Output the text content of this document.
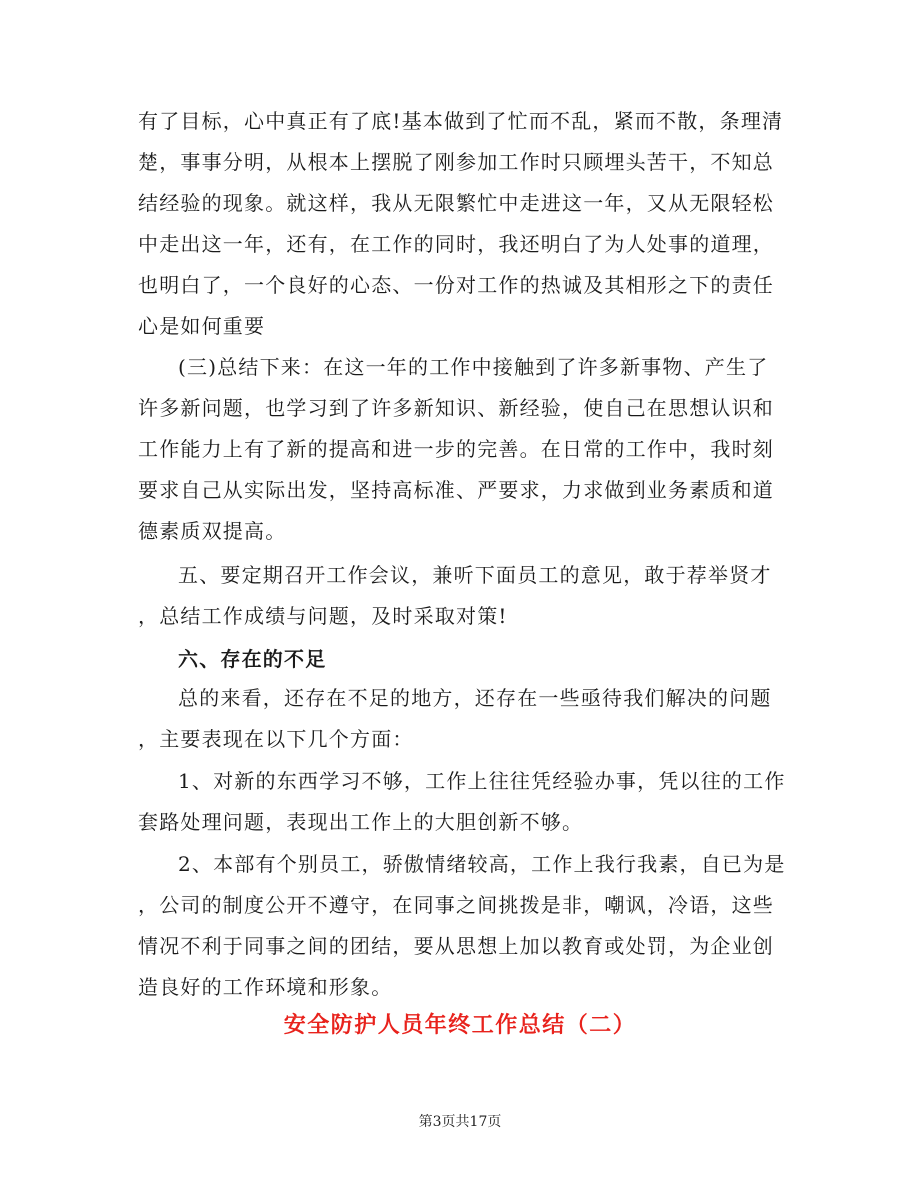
有了目标，心中真正有了底!基本做到了忙而不乱，紧而不散，条理清
楚，事事分明，从根本上摆脱了刚参加工作时只顾埋头苦干，不知总
结经验的现象。就这样，我从无限繁忙中走进这一年，又从无限轻松
中走出这一年，还有，在工作的同时，我还明白了为人处事的道理，
也明白了，一个良好的心态、一份对工作的热诚及其相形之下的责任
心是如何重要
(三)总结下来：在这一年的工作中接触到了许多新事物、产生了
许多新问题，也学习到了许多新知识、新经验，使自己在思想认识和
工作能力上有了新的提高和进一步的完善。在日常的工作中，我时刻
要求自己从实际出发，坚持高标准、严要求，力求做到业务素质和道
德素质双提高。
五、要定期召开工作会议，兼听下面员工的意见，敢于荐举贤才
，总结工作成绩与问题，及时采取对策!
六、存在的不足
总的来看，还存在不足的地方，还存在一些亟待我们解决的问题
，主要表现在以下几个方面：
1、对新的东西学习不够，工作上往往凭经验办事，凭以往的工作
套路处理问题，表现出工作上的大胆创新不够。
2、本部有个别员工，骄傲情绪较高，工作上我行我素，自已为是
，公司的制度公开不遵守，在同事之间挑拨是非，嘲讽，冷语，这些
情况不利于同事之间的团结，要从思想上加以教育或处罚，为企业创
造良好的工作环境和形象。
安全防护人员年终工作总结（二）
第3页共17页
